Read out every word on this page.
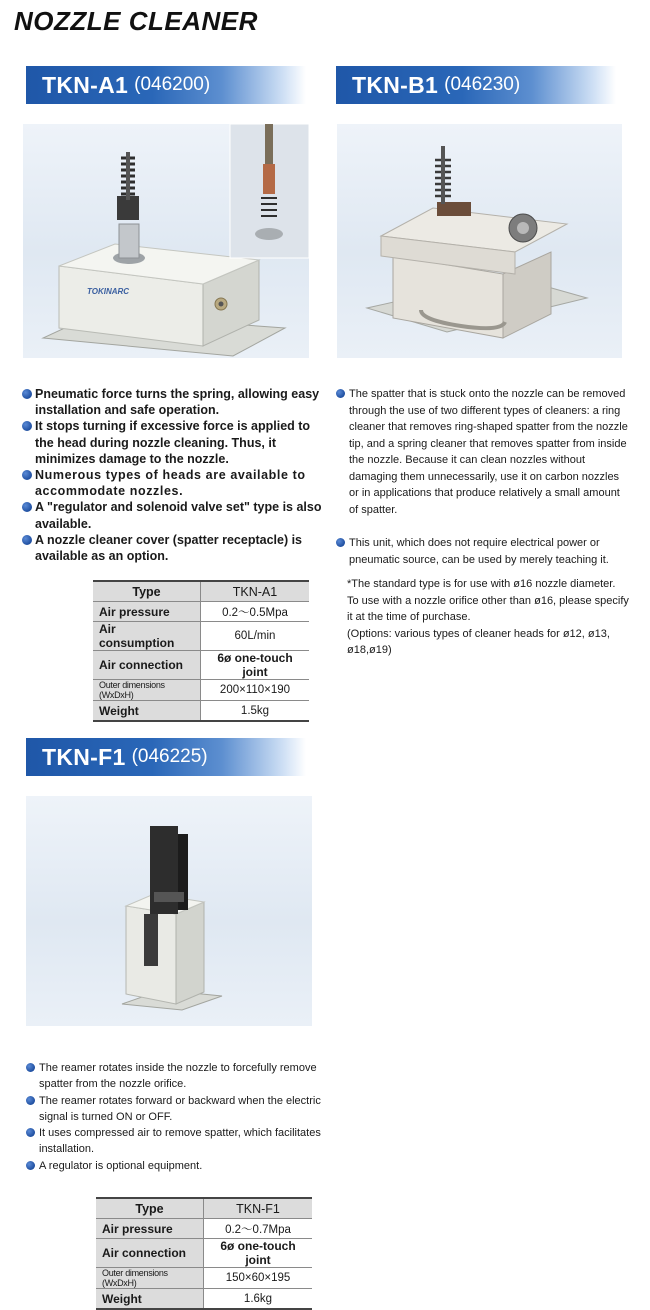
NOZZLE CLEANER
TKN-A1 (046200)	TKN-B1 (046230)
TOKINARC
Pneumatic force turns the spring, allowing easy installation and safe operation.
It stops turning if excessive force is applied to the head during nozzle cleaning. Thus, it minimizes damage to the nozzle.
Numerous types of heads are available to accommodate nozzles.
A "regulator and solenoid valve set" type is also available.
A nozzle cleaner cover (spatter receptacle) is available as an option.
The spatter that is stuck onto the nozzle can be removed through the use of two different types of cleaners: a ring cleaner that removes ring-shaped spatter from the nozzle tip, and a spring cleaner that removes spatter from inside the nozzle. Because it can clean nozzles without damaging them unnecessarily, use it on carbon nozzles or in applications that produce relatively a small amount of spatter.
This unit, which does not require electrical power or pneumatic source, can be used by merely teaching it.
*The standard type is for use with ø16 nozzle diameter. To use with a nozzle orifice other than ø16, please specify it at the time of purchase.
(Options: various types of cleaner heads for ø12, ø13, ø18,ø19)
Type	TKN-A1
Air pressure	0.2〜0.5Mpa
Air consumption	60L/min
Air connection	6ø one-touch joint
Outer dimensions (WxDxH)	200×110×190
Weight	1.5kg
TKN-F1 (046225)
The reamer rotates inside the nozzle to forcefully remove spatter from the nozzle orifice.
The reamer rotates forward or backward when the electric signal is turned ON or OFF.
It uses compressed air to remove spatter, which facilitates installation.
A regulator is optional equipment.
Type	TKN-F1
Air pressure	0.2〜0.7Mpa
Air connection	6ø one-touch joint
Outer dimensions (WxDxH)	150×60×195
Weight	1.6kg
